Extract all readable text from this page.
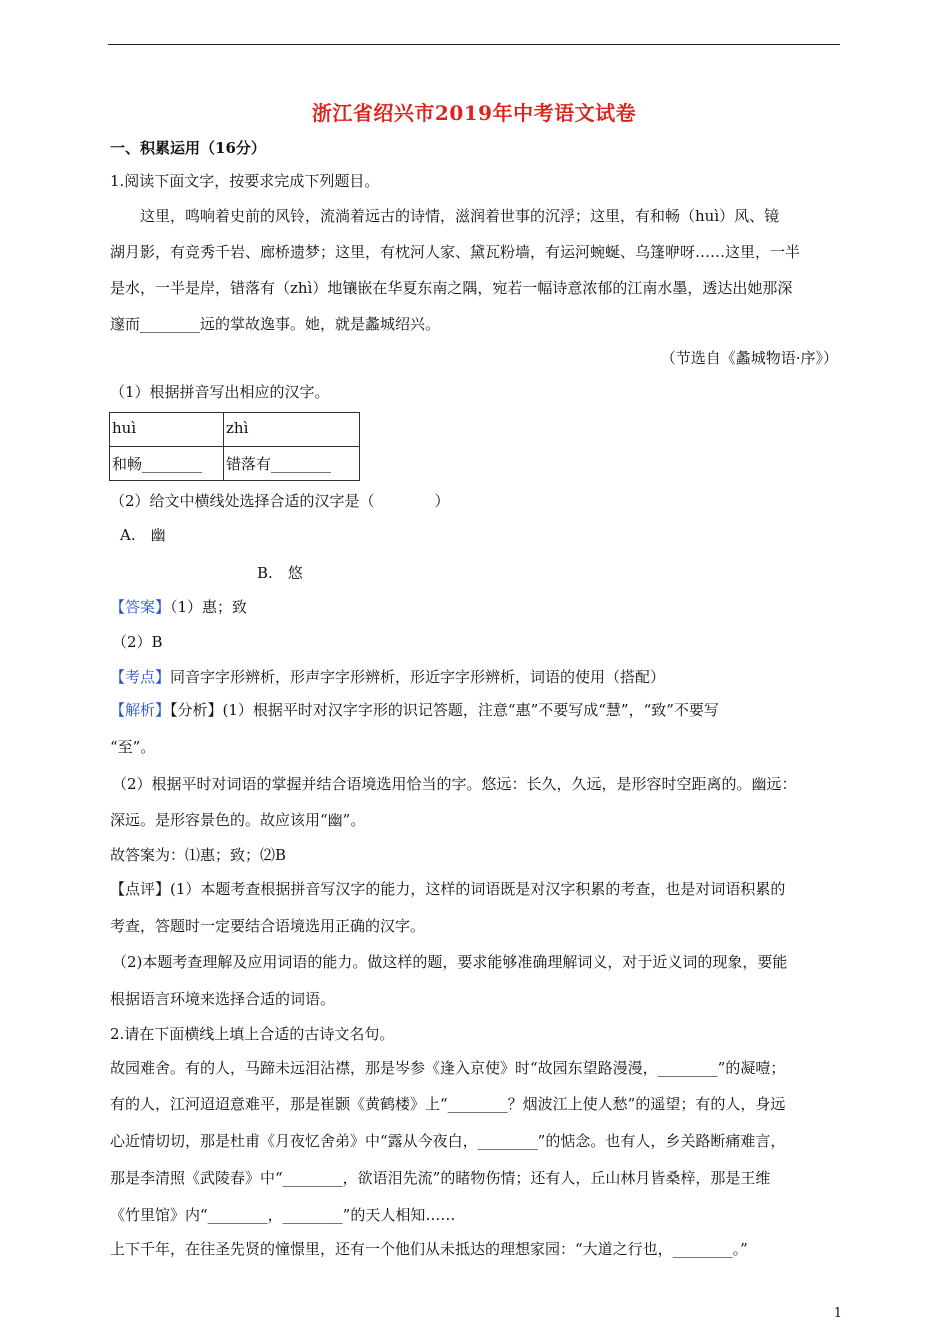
浙江省绍兴市2019年中考语文试卷
一、积累运用（16分）
1.阅读下面文字，按要求完成下列题目。
这里，鸣响着史前的风铃，流淌着远古的诗情，滋润着世事的沉浮；这里，有和畅（huì）风、镜
湖月影，有竞秀千岩、廊桥遗梦；这里，有枕河人家、黛瓦粉墙，有运河蜿蜒、乌篷咿呀……这里，一半
是水，一半是岸，错落有（zhì）地镶嵌在华夏东南之隅，宛若一幅诗意浓郁的江南水墨，透达出她那深
邃而________远的掌故逸事。她，就是蠡城绍兴。
（节选自《蠡城物语·序》）
（1）根据拼音写出相应的汉字。
huì	zhì
和畅________	错落有________
（2）给文中横线处选择合适的汉字是（　　　　）
A.　幽
B.　悠
【答案】（1）惠；致
（2）B
【考点】同音字字形辨析，形声字字形辨析，形近字字形辨析，词语的使用（搭配）
【解析】【分析】(1）根据平时对汉字字形的识记答题，注意“惠”不要写成“慧”，“致”不要写
“至”。
（2）根据平时对词语的掌握并结合语境选用恰当的字。悠远：长久，久远，是形容时空距离的。幽远：
深远。是形容景色的。故应该用“幽”。
故答案为：⑴惠；致；⑵B
【点评】(1）本题考查根据拼音写汉字的能力，这样的词语既是对汉字积累的考查，也是对词语积累的
考查，答题时一定要结合语境选用正确的汉字。
（2)本题考查理解及应用词语的能力。做这样的题，要求能够准确理解词义，对于近义词的现象，要能
根据语言环境来选择合适的词语。
2.请在下面横线上填上合适的古诗文名句。
故园难舍。有的人，马蹄未远泪沾襟，那是岑参《逢入京使》时“故园东望路漫漫，________”的凝噎；
有的人，江河迢迢意难平，那是崔颢《黄鹤楼》上“________？烟波江上使人愁”的遥望；有的人，身远
心近情切切，那是杜甫《月夜忆舍弟》中“露从今夜白，________”的惦念。也有人，乡关路断痛难言，
那是李清照《武陵春》中“________，欲语泪先流”的睹物伤情；还有人，丘山林月皆桑梓，那是王维
《竹里馆》内“________，________”的天人相知……
上下千年，在往圣先贤的憧憬里，还有一个他们从未抵达的理想家园：“大道之行也，________。”
1
